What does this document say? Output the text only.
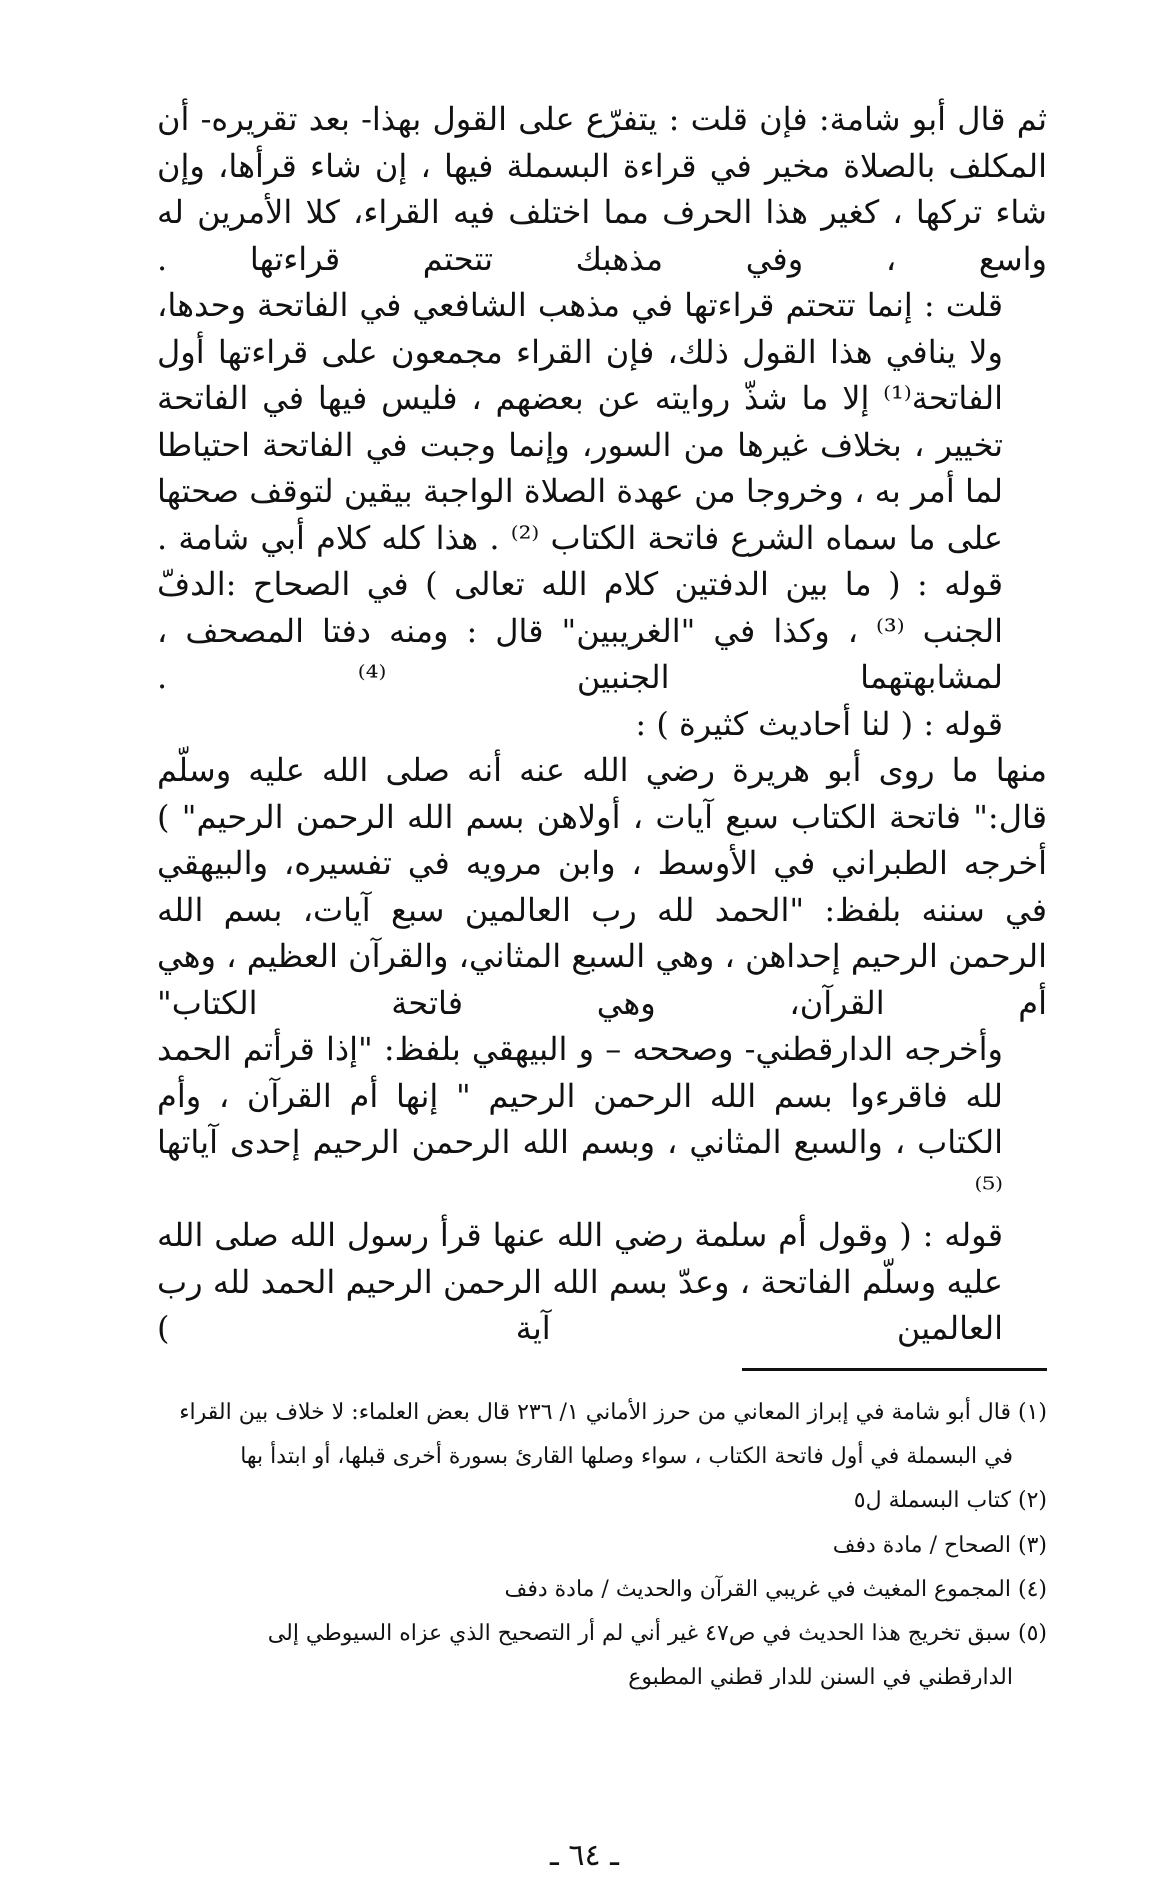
ثم قال أبو شامة: فإن قلت : يتفرّع على القول بهذا- بعد تقريره- أن المكلف بالصلاة مخير في قراءة البسملة فيها ، إن شاء قرأها، وإن شاء تركها ، كغير هذا الحرف مما اختلف فيه القراء، كلا الأمرين له واسع ، وفي مذهبك تتحتم قراءتها .

قلت : إنما تتحتم قراءتها في مذهب الشافعي في الفاتحة وحدها، ولا ينافي هذا القول ذلك، فإن القراء مجمعون على قراءتها أول الفاتحة⁽¹⁾ إلا ما شذّ روايته عن بعضهم ، فليس فيها في الفاتحة تخيير ، بخلاف غيرها من السور، وإنما وجبت في الفاتحة احتياطا لما أمر به ، وخروجا من عهدة الصلاة الواجبة بيقين لتوقف صحتها على ما سماه الشرع فاتحة الكتاب ⁽²⁾ . هذا كله كلام أبي شامة .

قوله : ( ما بين الدفتين كلام الله تعالى ) في الصحاح :الدفّ الجنب ⁽³⁾ ، وكذا في "الغريبين" قال : ومنه دفتا المصحف ، لمشابهتهما الجنبين ⁽⁴⁾ .

قوله : ( لنا أحاديث كثيرة ) :

منها ما روى أبو هريرة رضي الله عنه أنه صلى الله عليه وسلّم قال:" فاتحة الكتاب سبع آيات ، أولاهن بسم الله الرحمن الرحيم" )

أخرجه الطبراني في الأوسط ، وابن مرويه في تفسيره، والبيهقي في سننه بلفظ: "الحمد لله رب العالمين سبع آيات، بسم الله الرحمن الرحيم إحداهن ، وهي السبع المثاني، والقرآن العظيم ، وهي أم القرآن، وهي فاتحة الكتاب"

وأخرجه الدارقطني- وصححه – و البيهقي بلفظ: "إذا قرأتم الحمد لله فاقرءوا بسم الله الرحمن الرحيم " إنها أم القرآن ، وأم الكتاب ، والسبع المثاني ، وبسم الله الرحمن الرحيم إحدى آياتها ⁽⁵⁾

قوله : ( وقول أم سلمة رضي الله عنها قرأ رسول الله صلى الله عليه وسلّم الفاتحة ، وعدّ بسم الله الرحمن الرحيم الحمد لله رب العالمين آية )

(١) قال أبو شامة في إبراز المعاني من حرز الأماني ١/ ٢٣٦ قال بعض العلماء: لا خلاف بين القراء

في البسملة في أول فاتحة الكتاب ، سواء وصلها القارئ بسورة أخرى قبلها، أو ابتدأ بها

(٢) كتاب البسملة ل٥

(٣) الصحاح / مادة دفف

(٤) المجموع المغيث في غريبي القرآن والحديث / مادة دفف

(٥) سبق تخريج هذا الحديث في ص٤٧ غير أني لم أر التصحيح الذي عزاه السيوطي إلى

الدارقطني في السنن للدار قطني المطبوع

ـ ٦٤ ـ
